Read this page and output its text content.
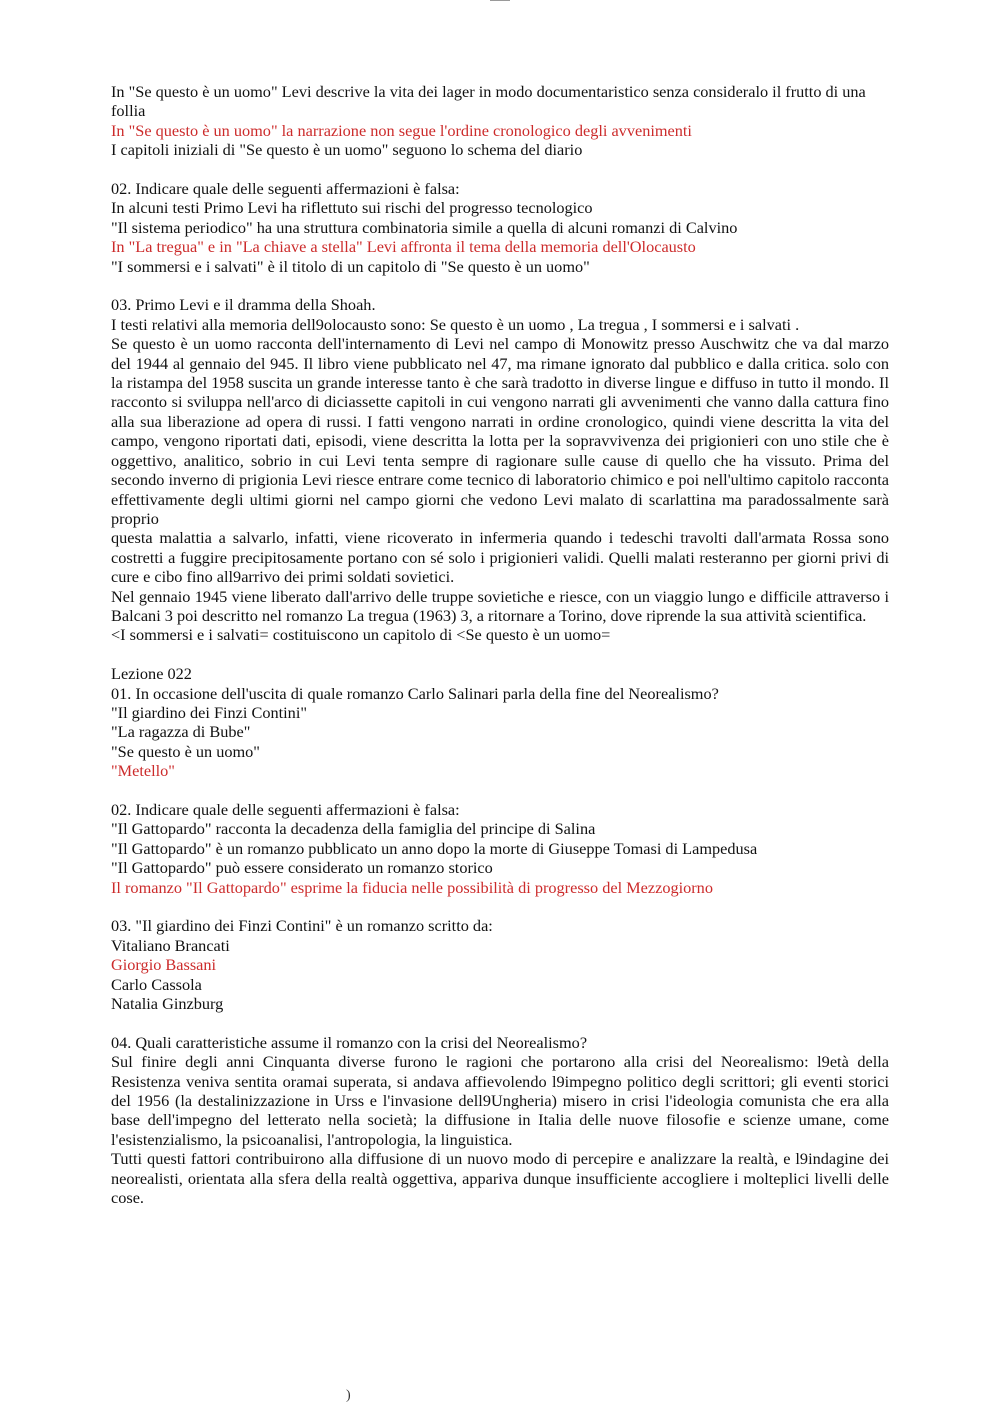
In "Se questo è un uomo" Levi descrive la vita dei lager in modo documentaristico senza consideralo il frutto di una follia
In "Se questo è un uomo" la narrazione non segue l'ordine cronologico degli avvenimenti
I capitoli iniziali di "Se questo è un uomo" seguono lo schema del diario
02. Indicare quale delle seguenti affermazioni è falsa:
In alcuni testi Primo Levi ha riflettuto sui rischi del progresso tecnologico
"Il sistema periodico" ha una struttura combinatoria simile a quella di alcuni romanzi di Calvino
In "La tregua" e in "La chiave a stella" Levi affronta il tema della memoria dell'Olocausto
"I sommersi e i salvati" è il titolo di un capitolo di "Se questo è un uomo"
03. Primo Levi e il dramma della Shoah.
I testi relativi alla memoria dell9olocausto sono: Se questo è un uomo , La tregua , I sommersi e i salvati .

Se questo è un uomo racconta dell'internamento di Levi nel campo di Monowitz presso Auschwitz che va dal marzo del 1944 al gennaio del 945. Il libro viene pubblicato nel 47, ma rimane ignorato dal pubblico e dalla critica. solo con la ristampa del 1958 suscita un grande interesse tanto è che sarà tradotto in diverse lingue e diffuso in tutto il mondo. Il racconto si sviluppa nell'arco di diciassette capitoli in cui vengono narrati gli avvenimenti che vanno dalla cattura fino alla sua liberazione ad opera di russi. I fatti vengono narrati in ordine cronologico, quindi viene descritta la vita del campo, vengono riportati dati, episodi, viene descritta la lotta per la sopravvivenza dei prigionieri con uno stile che è oggettivo, analitico, sobrio in cui Levi tenta sempre di ragionare sulle cause di quello che ha vissuto. Prima del secondo inverno di prigionia Levi riesce entrare come tecnico di laboratorio chimico e poi nell'ultimo capitolo racconta effettivamente degli ultimi giorni nel campo giorni che vedono Levi malato di scarlattina ma paradossalmente sarà proprio

questa malattia a salvarlo, infatti, viene ricoverato in infermeria quando i tedeschi travolti dall'armata Rossa sono costretti a fuggire precipitosamente portano con sé solo i prigionieri validi. Quelli malati resteranno per giorni privi di cure e cibo fino all9arrivo dei primi soldati sovietici.

Nel gennaio 1945 viene liberato dall'arrivo delle truppe sovietiche e riesce, con un viaggio lungo e difficile attraverso i Balcani 3 poi descritto nel romanzo La tregua (1963) 3, a ritornare a Torino, dove riprende la sua attività scientifica.

<I sommersi e i salvati= costituiscono un capitolo di <Se questo è un uomo=
Lezione 022
01. In occasione dell'uscita di quale romanzo Carlo Salinari parla della fine del Neorealismo?
"Il giardino dei Finzi Contini"
"La ragazza di Bube"
"Se questo è un uomo"
"Metello"
02. Indicare quale delle seguenti affermazioni è falsa:
"Il Gattopardo" racconta la decadenza della famiglia del principe di Salina
"Il Gattopardo" è un romanzo pubblicato un anno dopo la morte di Giuseppe Tomasi di Lampedusa
"Il Gattopardo" può essere considerato un romanzo storico
Il romanzo "Il Gattopardo" esprime la fiducia nelle possibilità di progresso del Mezzogiorno
03. "Il giardino dei Finzi Contini" è un romanzo scritto da:
Vitaliano Brancati
Giorgio Bassani
Carlo Cassola
Natalia Ginzburg
04. Quali caratteristiche assume il romanzo con la crisi del Neorealismo?

Sul finire degli anni Cinquanta diverse furono le ragioni che portarono alla crisi del Neorealismo: l9età della Resistenza veniva sentita oramai superata, si andava affievolendo l9impegno politico degli scrittori; gli eventi storici del 1956 (la destalinizzazione in Urss e l'invasione dell9Ungheria) misero in crisi l'ideologia comunista che era alla base dell'impegno del letterato nella società; la diffusione in Italia delle nuove filosofie e scienze umane, come l'esistenzialismo, la psicoanalisi, l'antropologia, la linguistica.

Tutti questi fattori contribuirono alla diffusione di un nuovo modo di percepire e analizzare la realtà, e l9indagine dei neorealisti, orientata alla sfera della realtà oggettiva, appariva dunque insufficiente accogliere i molteplici livelli delle cose.

)
